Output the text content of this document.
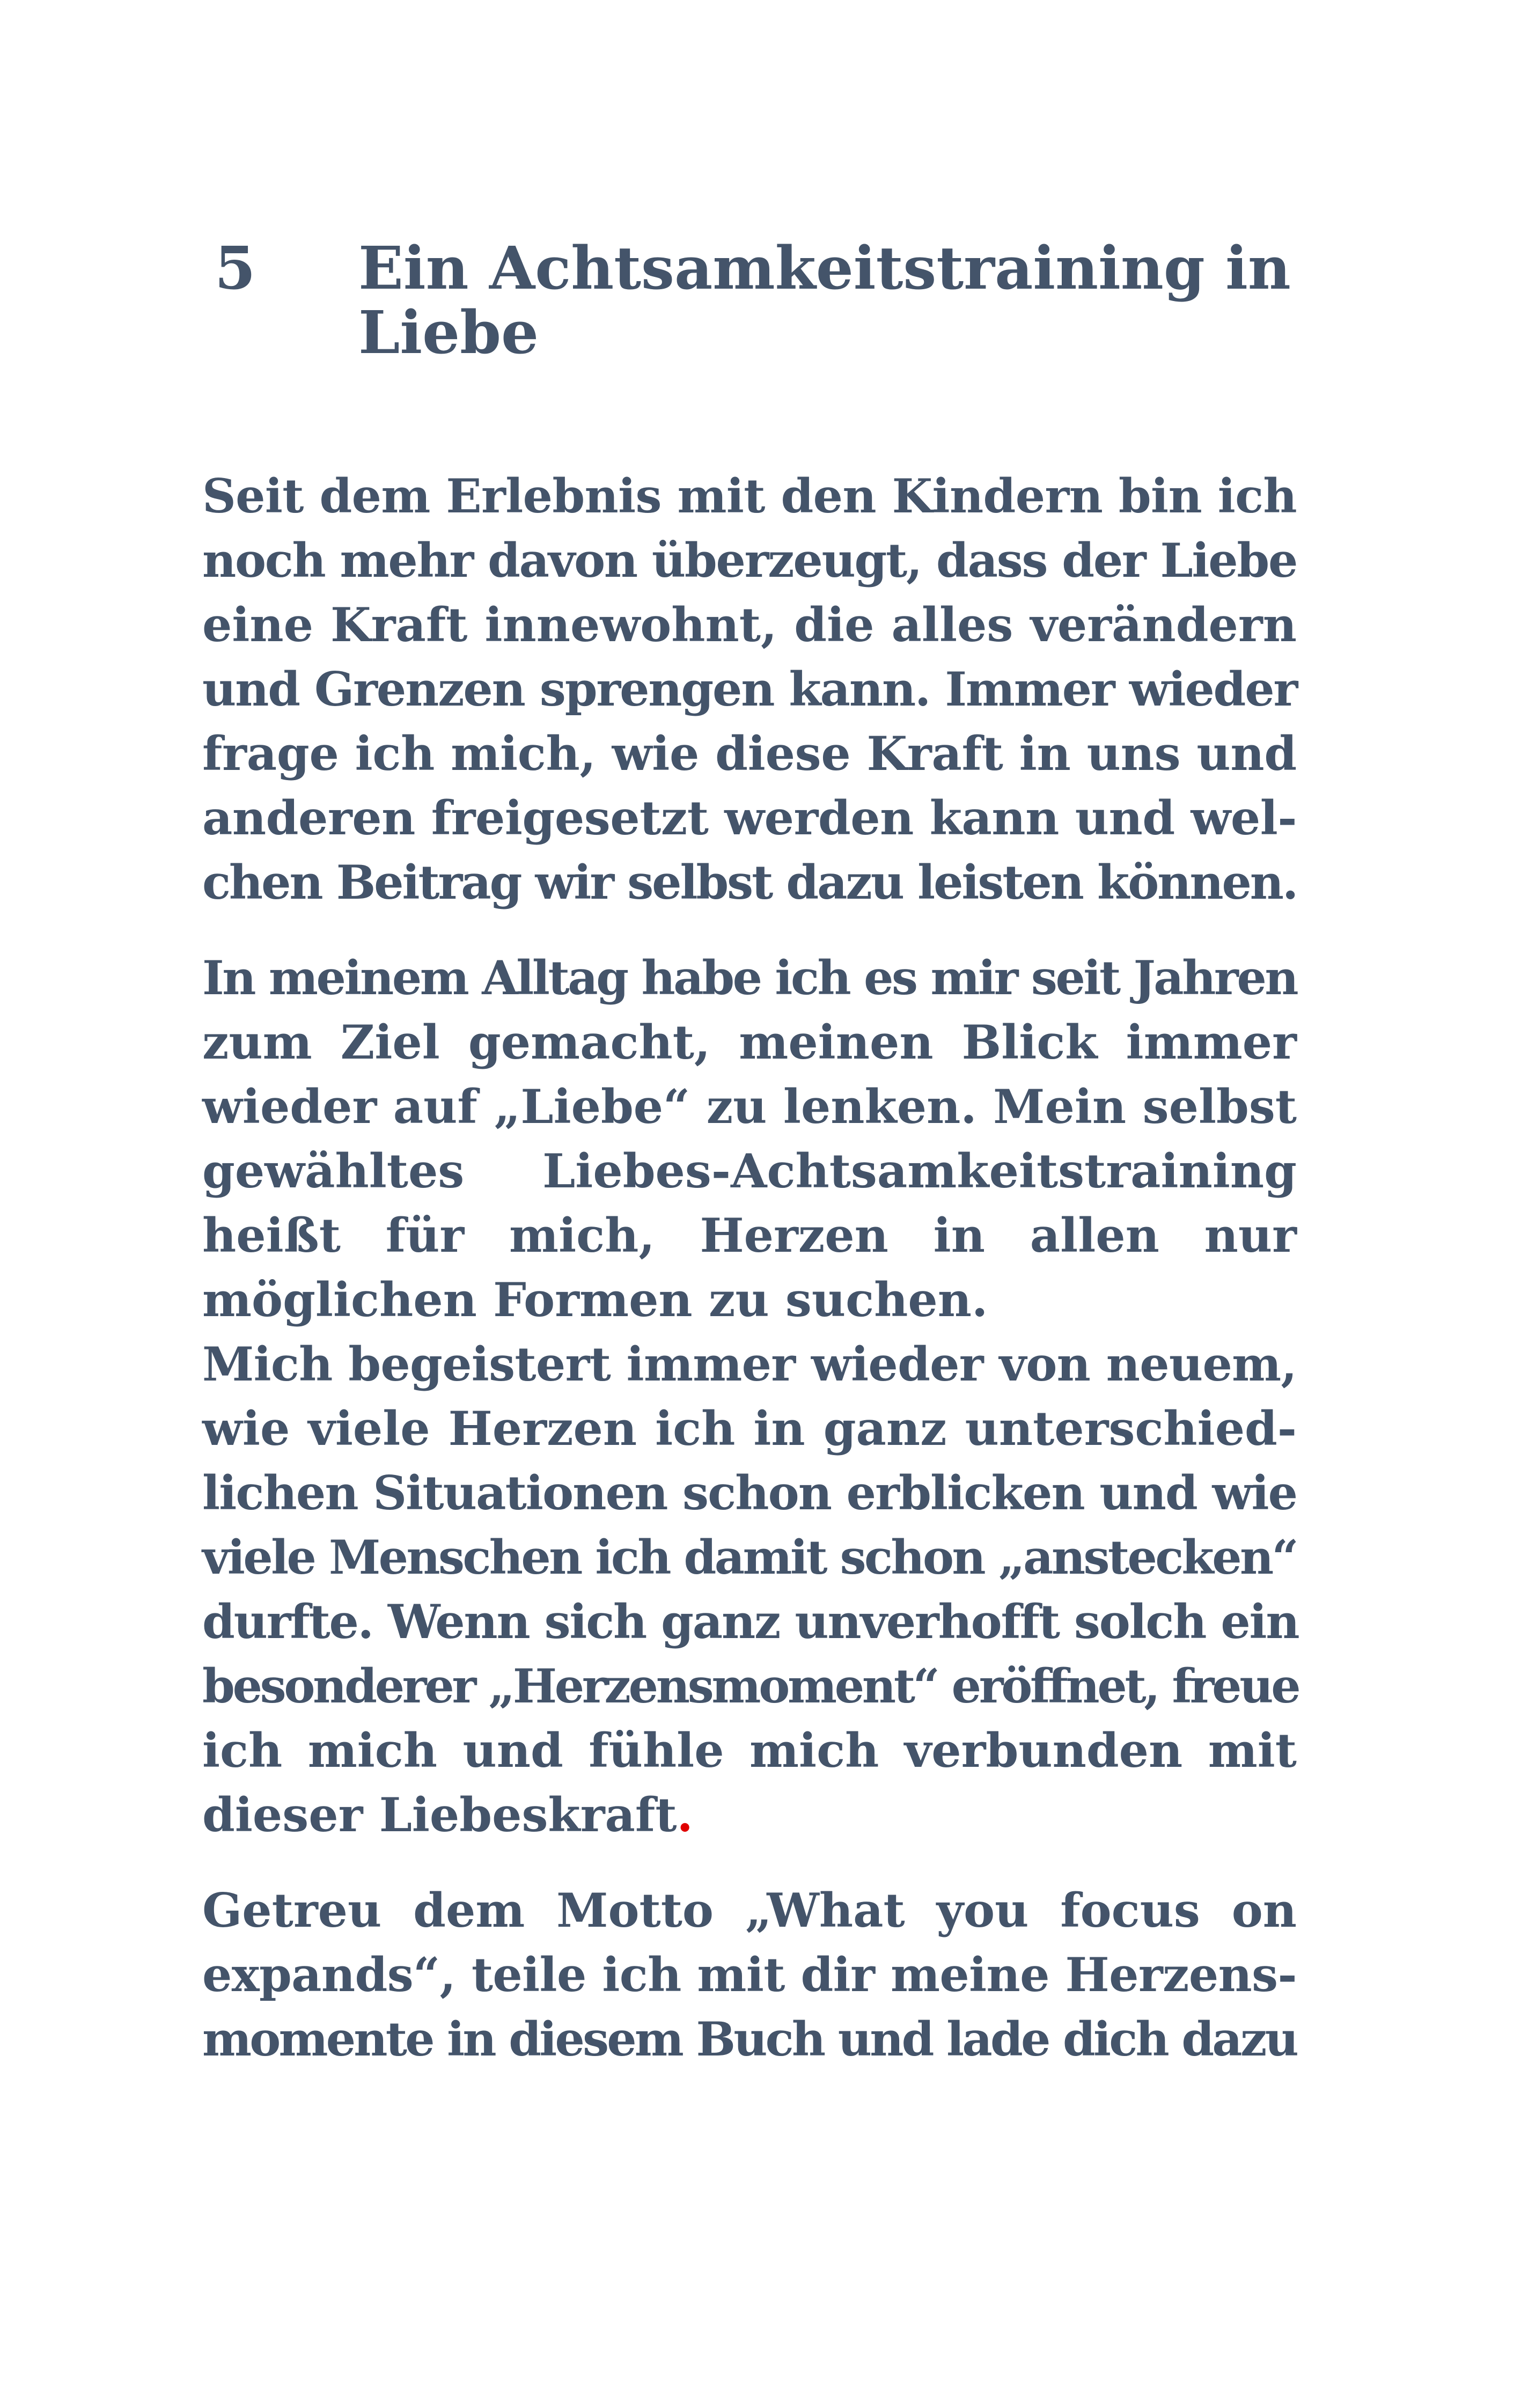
5 Ein Achtsamkeitstraining in
Liebe
Seit dem Erlebnis mit den Kindern bin ich
noch mehr davon überzeugt, dass der Liebe
eine Kraft innewohnt, die alles verändern
und Grenzen sprengen kann. Immer wieder
frage ich mich, wie diese Kraft in uns und
anderen freigesetzt werden kann und wel-
chen Beitrag wir selbst dazu leisten können.
In meinem Alltag habe ich es mir seit Jahren
zum Ziel gemacht, meinen Blick immer
wieder auf „Liebe“ zu lenken. Mein selbst
gewähltes Liebes-Achtsamkeitstraining
heißt für mich, Herzen in allen nur
möglichen Formen zu suchen.
Mich begeistert immer wieder von neuem,
wie viele Herzen ich in ganz unterschied-
lichen Situationen schon erblicken und wie
viele Menschen ich damit schon „anstecken“
durfte. Wenn sich ganz unverhofft solch ein
besonderer „Herzensmoment“ eröffnet, freue
ich mich und fühle mich verbunden mit
dieser Liebeskraft.
Getreu dem Motto „What you focus on
expands“, teile ich mit dir meine Herzens-
momente in diesem Buch und lade dich dazu
